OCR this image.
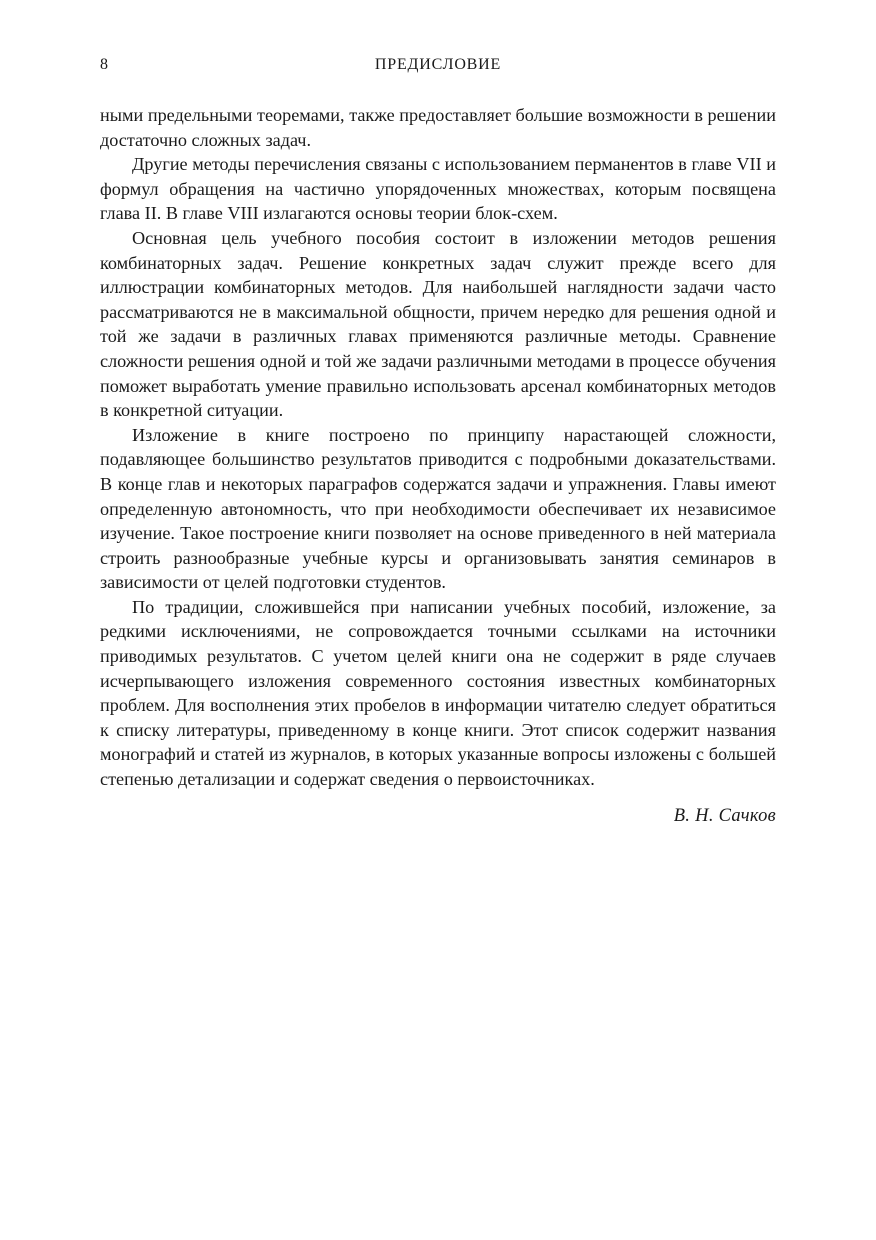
8	ПРЕДИСЛОВИЕ

ными предельными теоремами, также предоставляет большие возможности в решении достаточно сложных задач.

Другие методы перечисления связаны с использованием перманентов в главе VII и формул обращения на частично упорядоченных множествах, которым посвящена глава II. В главе VIII излагаются основы теории блок-схем.

Основная цель учебного пособия состоит в изложении методов решения комбинаторных задач. Решение конкретных задач служит прежде всего для иллюстрации комбинаторных методов. Для наибольшей наглядности задачи часто рассматриваются не в максимальной общности, причем нередко для решения одной и той же задачи в различных главах применяются различные методы. Сравнение сложности решения одной и той же задачи различными методами в процессе обучения поможет выработать умение правильно использовать арсенал комбинаторных методов в конкретной ситуации.

Изложение в книге построено по принципу нарастающей сложности, подавляющее большинство результатов приводится с подробными доказательствами. В конце глав и некоторых параграфов содержатся задачи и упражнения. Главы имеют определенную автономность, что при необходимости обеспечивает их независимое изучение. Такое построение книги позволяет на основе приведенного в ней материала строить разнообразные учебные курсы и организовывать занятия семинаров в зависимости от целей подготовки студентов.

По традиции, сложившейся при написании учебных пособий, изложение, за редкими исключениями, не сопровождается точными ссылками на источники приводимых результатов. С учетом целей книги она не содержит в ряде случаев исчерпывающего изложения современного состояния известных комбинаторных проблем. Для восполнения этих пробелов в информации читателю следует обратиться к списку литературы, приведенному в конце книги. Этот список содержит названия монографий и статей из журналов, в которых указанные вопросы изложены с большей степенью детализации и содержат сведения о первоисточниках.

В. Н. Сачков
